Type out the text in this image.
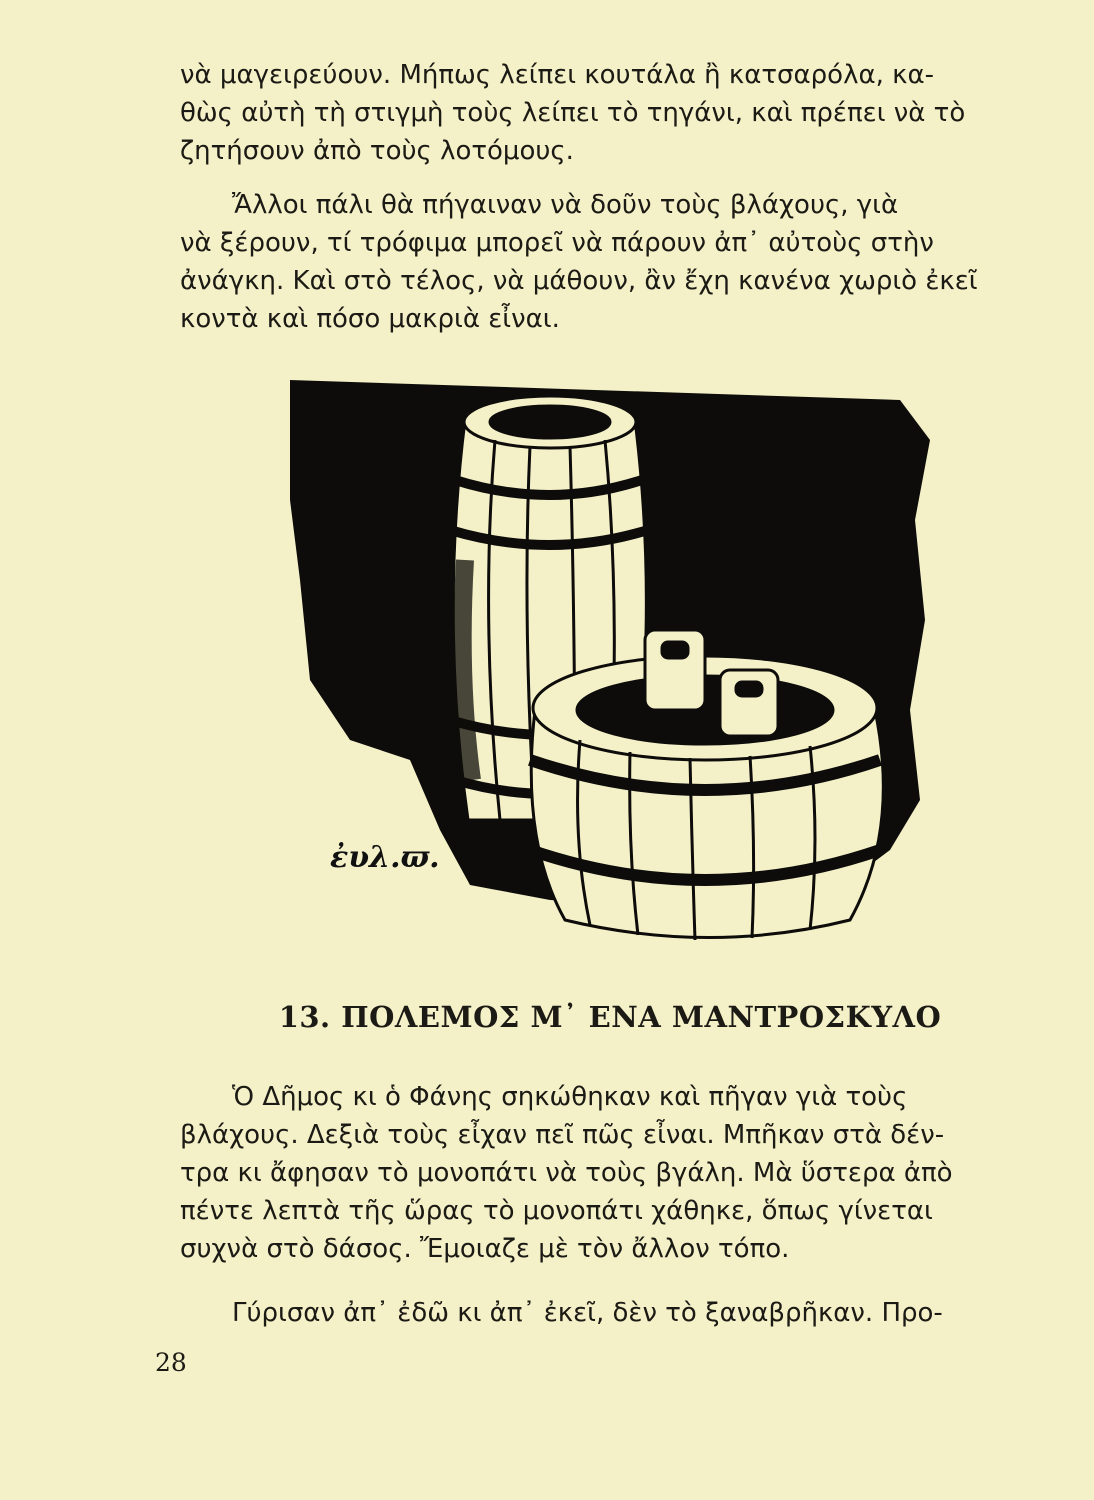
νὰ μαγειρεύουν. Μήπως λείπει κουτάλα ἢ κατσαρόλα, κα-
θὼς αὐτὴ τὴ στιγμὴ τοὺς λείπει τὸ τηγάνι, καὶ πρέπει νὰ τὸ
ζητήσουν ἀπὸ τοὺς λοτόμους.

Ἄλλοι πάλι θὰ πήγαιναν νὰ δοῦν τοὺς βλάχους, γιὰ
νὰ ξέρουν, τί τρόφιμα μπορεῖ νὰ πάρουν ἀπ᾽ αὐτοὺς στὴν
ἀνάγκη. Καὶ στὸ τέλος, νὰ μάθουν, ἂν ἔχη κανένα χωριὸ ἐκεῖ
κοντὰ καὶ πόσο μακριὰ εἶναι.

ἐυλ.ϖ.
13. ΠΟΛΕΜΟΣ Μ᾽ ΕΝΑ ΜΑΝΤΡΟΣΚΥΛΟ

Ὁ Δῆμος κι ὁ Φάνης σηκώθηκαν καὶ πῆγαν γιὰ τοὺς
βλάχους. Δεξιὰ τοὺς εἶχαν πεῖ πῶς εἶναι. Μπῆκαν στὰ δέν-
τρα κι ἄφησαν τὸ μονοπάτι νὰ τοὺς βγάλη. Μὰ ὕστερα ἀπὸ
πέντε λεπτὰ τῆς ὥρας τὸ μονοπάτι χάθηκε, ὅπως γίνεται
συχνὰ στὸ δάσος. Ἔμοιαζε μὲ τὸν ἄλλον τόπο.

Γύρισαν ἀπ᾽ ἐδῶ κι ἀπ᾽ ἐκεῖ, δὲν τὸ ξαναβρῆκαν. Προ-

28
